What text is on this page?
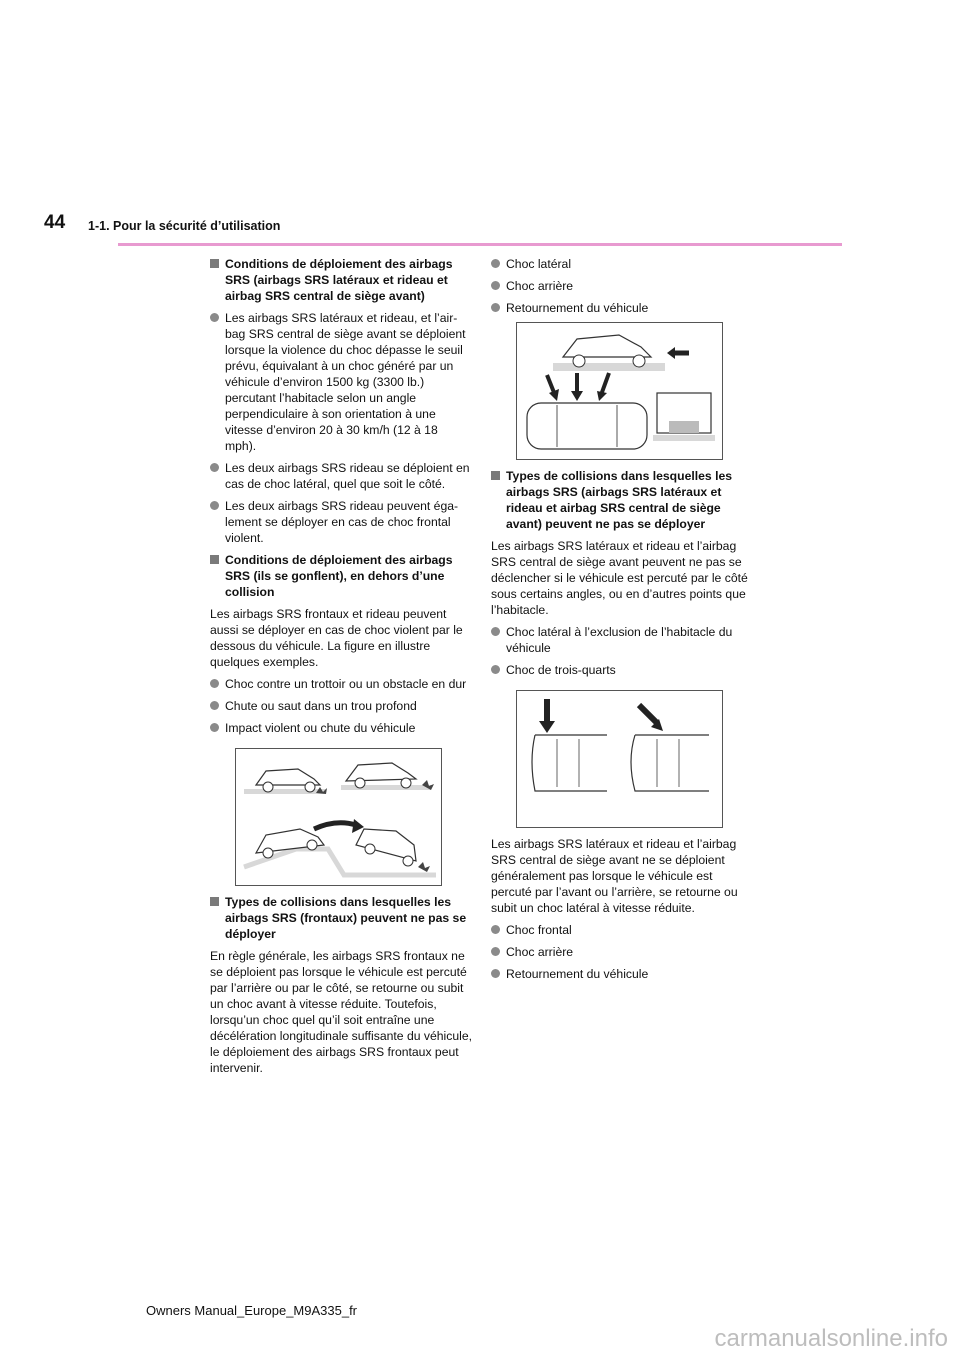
44 1-1. Pour la sécurité d’utilisation
Conditions de déploiement des airbags SRS (airbags SRS latéraux et rideau et airbag SRS central de siège avant)
Les airbags SRS latéraux et rideau, et l’air-bag SRS central de siège avant se déploient lorsque la violence du choc dépasse le seuil prévu, équivalant à un choc généré par un véhicule d’environ 1500 kg (3300 lb.) percutant l’habitacle selon un angle perpendiculaire à son orientation à une vitesse d’environ 20 à 30 km/h (12 à 18 mph).
Les deux airbags SRS rideau se déploient en cas de choc latéral, quel que soit le côté.
Les deux airbags SRS rideau peuvent éga-lement se déployer en cas de choc frontal violent.
Conditions de déploiement des airbags SRS (ils se gonflent), en dehors d’une collision
Les airbags SRS frontaux et rideau peuvent aussi se déployer en cas de choc violent par le dessous du véhicule. La figure en illustre quelques exemples.
Choc contre un trottoir ou un obstacle en dur
Chute ou saut dans un trou profond
Impact violent ou chute du véhicule
Types de collisions dans lesquelles les airbags SRS (frontaux) peuvent ne pas se déployer
En règle générale, les airbags SRS frontaux ne se déploient pas lorsque le véhicule est percuté par l’arrière ou par le côté, se retourne ou subit un choc avant à vitesse réduite. Toutefois, lorsqu’un choc quel qu’il soit entraîne une décélération longitudinale suffisante du véhicule, le déploiement des airbags SRS frontaux peut intervenir.
Choc latéral
Choc arrière
Retournement du véhicule
Types de collisions dans lesquelles les airbags SRS (airbags SRS latéraux et rideau et airbag SRS central de siège avant) peuvent ne pas se déployer
Les airbags SRS latéraux et rideau et l’airbag SRS central de siège avant peuvent ne pas se déclencher si le véhicule est percuté par le côté sous certains angles, ou en d’autres points que l’habitacle.
Choc latéral à l’exclusion de l’habitacle du véhicule
Choc de trois-quarts
Les airbags SRS latéraux et rideau et l’airbag SRS central de siège avant ne se déploient généralement pas lorsque le véhicule est percuté par l’avant ou l’arrière, se retourne ou subit un choc latéral à vitesse réduite.
Choc frontal
Choc arrière
Retournement du véhicule
Owners Manual_Europe_M9A335_fr
carmanualsonline.info
